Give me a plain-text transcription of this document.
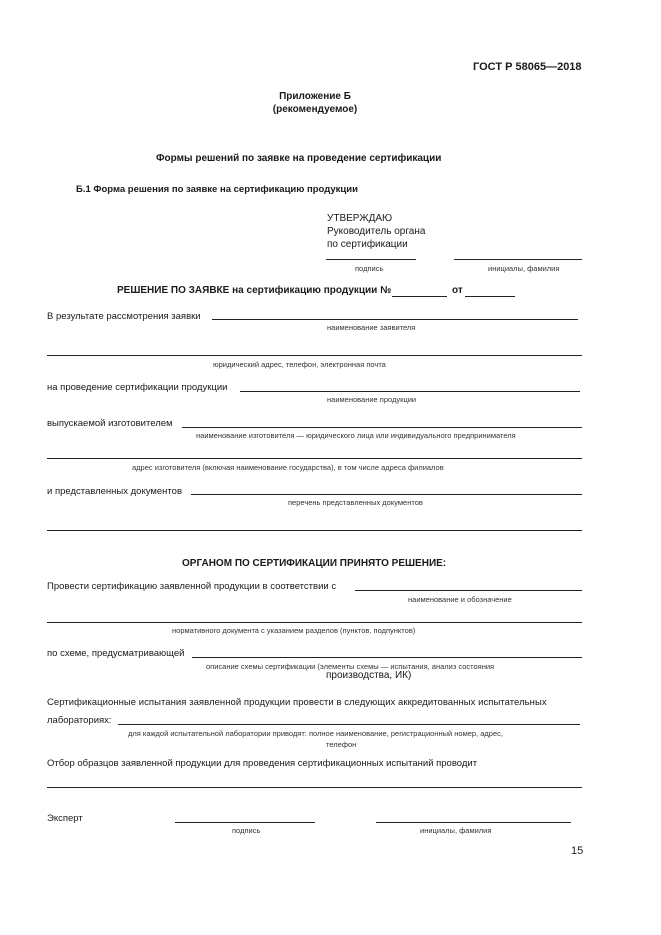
ГОСТ Р 58065—2018
Приложение Б
(рекомендуемое)
Формы решений по заявке на проведение сертификации
Б.1 Форма решения по заявке на сертификацию продукции
УТВЕРЖДАЮ
Руководитель органа
по сертификации
подпись	инициалы, фамилия
РЕШЕНИЕ ПО ЗАЯВКЕ на сертификацию продукции №	от
В результате рассмотрения заявки
наименование заявителя
юридический адрес, телефон, электронная почта
на проведение сертификации продукции
наименование продукции
выпускаемой изготовителем
наименование изготовителя — юридического лица или индивидуального предпринимателя
адрес изготовителя (включая наименование государства), в том числе адреса филиалов
и представленных документов
перечень представленных документов
ОРГАНОМ ПО СЕРТИФИКАЦИИ ПРИНЯТО РЕШЕНИЕ:
Провести сертификацию заявленной продукции в соответствии с
наименование и обозначение
нормативного документа с указанием разделов (пунктов, подпунктов)
по схеме, предусматривающей
описание схемы сертификации (элементы схемы — испытания, анализ состояния
производства, ИК)
Сертификационные испытания заявленной продукции провести в следующих аккредитованных испытательных
лабораториях:
для каждой испытательной лаборатории приводят: полное наименование, регистрационный номер, адрес,
телефон
Отбор образцов заявленной продукции для проведения сертификационных испытаний проводит
Эксперт
подпись	инициалы, фамилия
15
